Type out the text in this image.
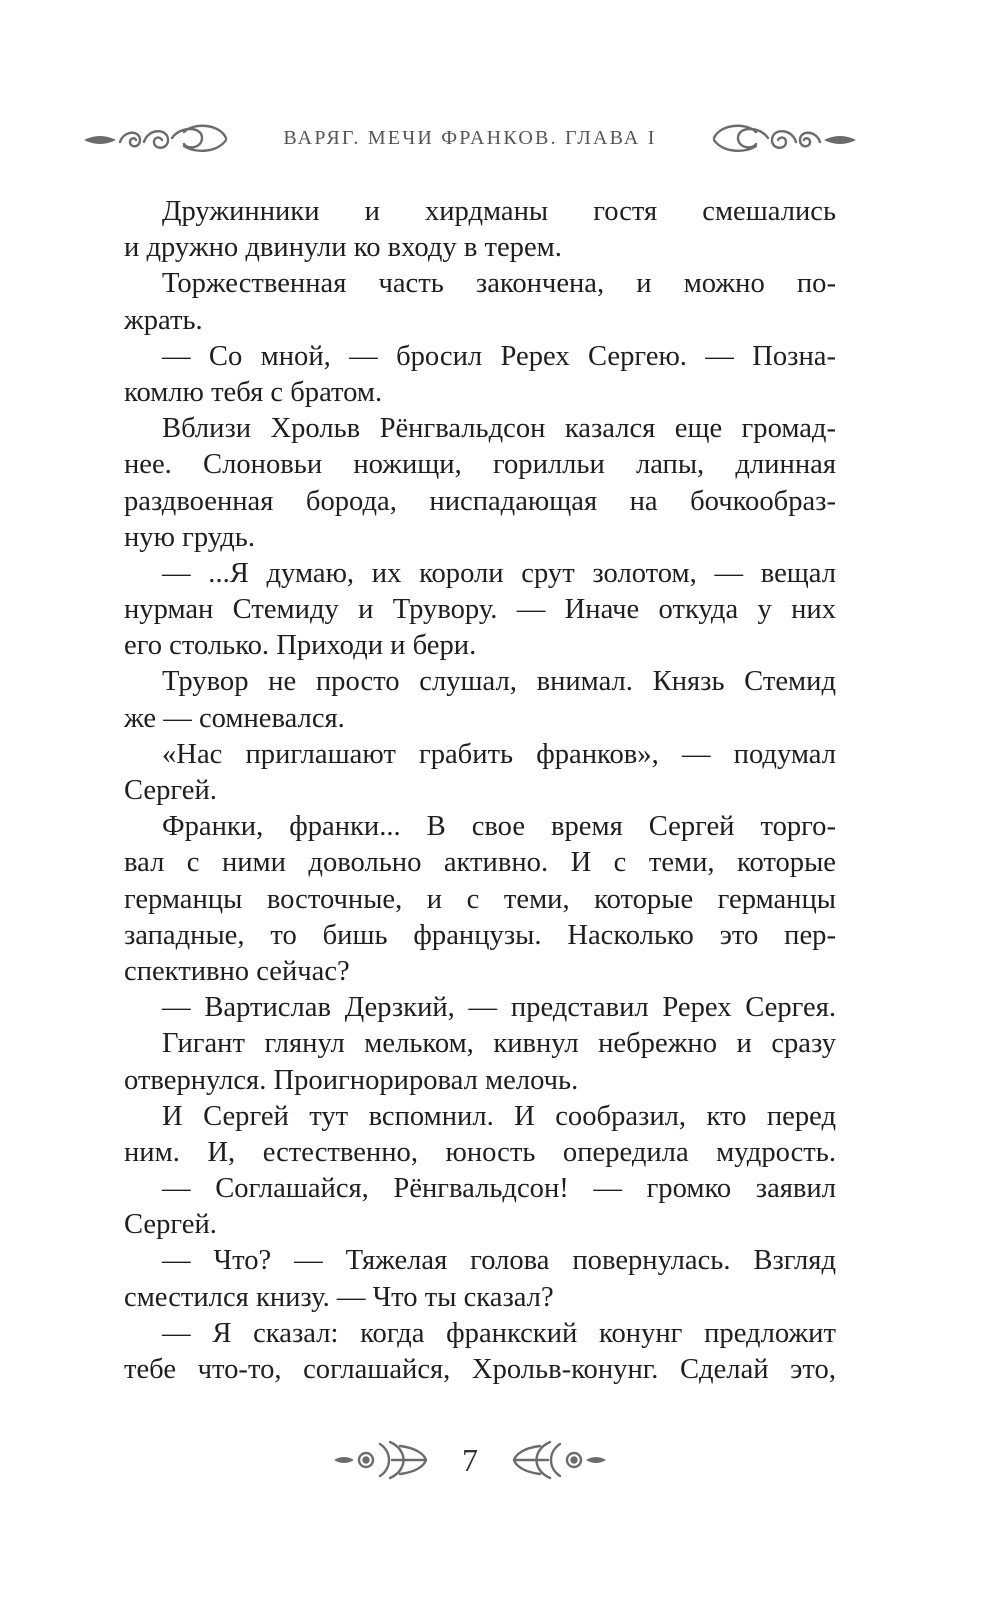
ВАРЯГ. МЕЧИ ФРАНКОВ. ГЛАВА I
Дружинники и хирдманы гостя смешались
и дружно двинули ко входу в терем.
Торжественная часть закончена, и можно по-
жрать.
— Со мной, — бросил Ререх Сергею. — Позна-
комлю тебя с братом.
Вблизи Хрольв Рёнгвальдсон казался еще громад-
нее. Слоновьи ножищи, горилльи лапы, длинная
раздвоенная борода, ниспадающая на бочкообраз-
ную грудь.
— ...Я думаю, их короли срут золотом, — вещал
нурман Стемиду и Трувору. — Иначе откуда у них
его столько. Приходи и бери.
Трувор не просто слушал, внимал. Князь Стемид
же — сомневался.
«Нас приглашают грабить франков», — подумал
Сергей.
Франки, франки... В свое время Сергей торго-
вал с ними довольно активно. И с теми, которые
германцы восточные, и с теми, которые германцы
западные, то бишь французы. Насколько это пер-
спективно сейчас?
— Вартислав Дерзкий, — представил Ререх Сергея.
Гигант глянул мельком, кивнул небрежно и сразу
отвернулся. Проигнорировал мелочь.
И Сергей тут вспомнил. И сообразил, кто перед
ним. И, естественно, юность опередила мудрость.
— Соглашайся, Рёнгвальдсон! — громко заявил
Сергей.
— Что? — Тяжелая голова повернулась. Взгляд
сместился книзу. — Что ты сказал?
— Я сказал: когда франкский конунг предложит
тебе что-то, соглашайся, Хрольв-конунг. Сделай это,
7
